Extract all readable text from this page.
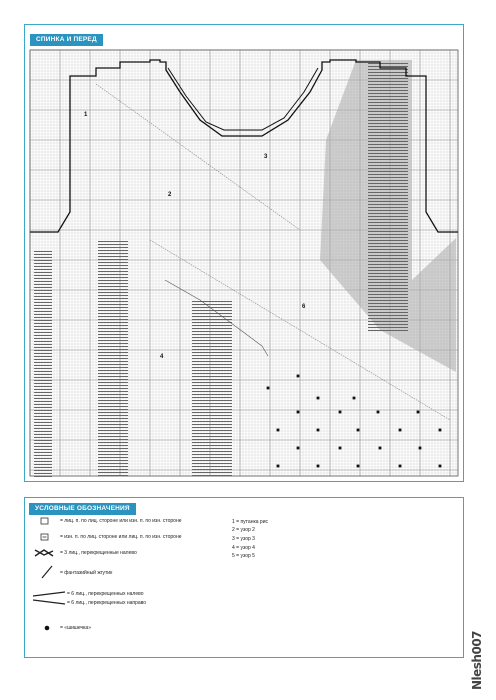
СПИНКА И ПЕРЕД
1
3
2
6
4
УСЛОВНЫЕ ОБОЗНАЧЕНИЯ
= лиц. п. по лиц. стороне или изн. п. по изн. стороне
= изн. п. по лиц. стороне или лиц. п. по изн. стороне
= 3 лиц., перекрещенные налево
= фантазийный жгутик
= 6 лиц., перекрещенных налево
= 6 лиц., перекрещенных направо
= «шишечка»
1 = путанка рис
2 = узор 2
3 = узор 3
4 = узор 4
5 = узор 5
Nlesh007
